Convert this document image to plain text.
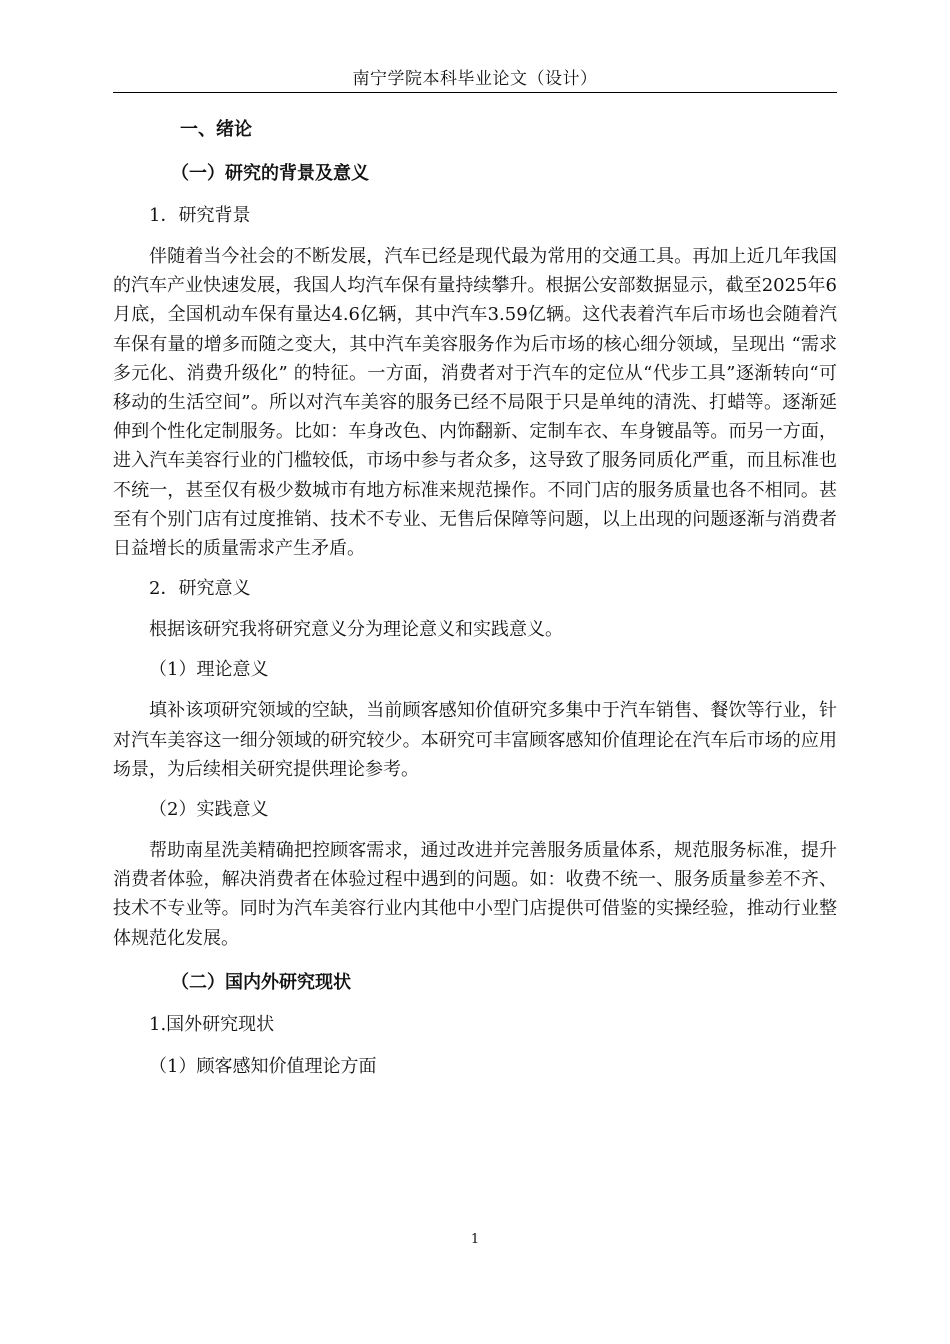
南宁学院本科毕业论文（设计）

一、绪论

（一）研究的背景及意义

1．研究背景

伴随着当今社会的不断发展，汽车已经是现代最为常用的交通工具。再加上近几年我国的汽车产业快速发展，我国人均汽车保有量持续攀升。根据公安部数据显示，截至2025年6月底，全国机动车保有量达4.6亿辆，其中汽车3.59亿辆。这代表着汽车后市场也会随着汽车保有量的增多而随之变大，其中汽车美容服务作为后市场的核心细分领域，呈现出 “需求多元化、消费升级化” 的特征。一方面，消费者对于汽车的定位从“代步工具”逐渐转向“可移动的生活空间”。所以对汽车美容的服务已经不局限于只是单纯的清洗、打蜡等。逐渐延伸到个性化定制服务。比如：车身改色、内饰翻新、定制车衣、车身镀晶等。而另一方面，进入汽车美容行业的门槛较低，市场中参与者众多，这导致了服务同质化严重，而且标准也不统一，甚至仅有极少数城市有地方标准来规范操作。不同门店的服务质量也各不相同。甚至有个别门店有过度推销、技术不专业、无售后保障等问题，以上出现的问题逐渐与消费者日益增长的质量需求产生矛盾。

2．研究意义

根据该研究我将研究意义分为理论意义和实践意义。

（1）理论意义

填补该项研究领域的空缺，当前顾客感知价值研究多集中于汽车销售、餐饮等行业，针对汽车美容这一细分领域的研究较少。本研究可丰富顾客感知价值理论在汽车后市场的应用场景，为后续相关研究提供理论参考。

（2）实践意义

帮助南星洗美精确把控顾客需求，通过改进并完善服务质量体系，规范服务标准，提升消费者体验，解决消费者在体验过程中遇到的问题。如：收费不统一、服务质量参差不齐、技术不专业等。同时为汽车美容行业内其他中小型门店提供可借鉴的实操经验，推动行业整体规范化发展。

（二）国内外研究现状

1.国外研究现状

（1）顾客感知价值理论方面

1
